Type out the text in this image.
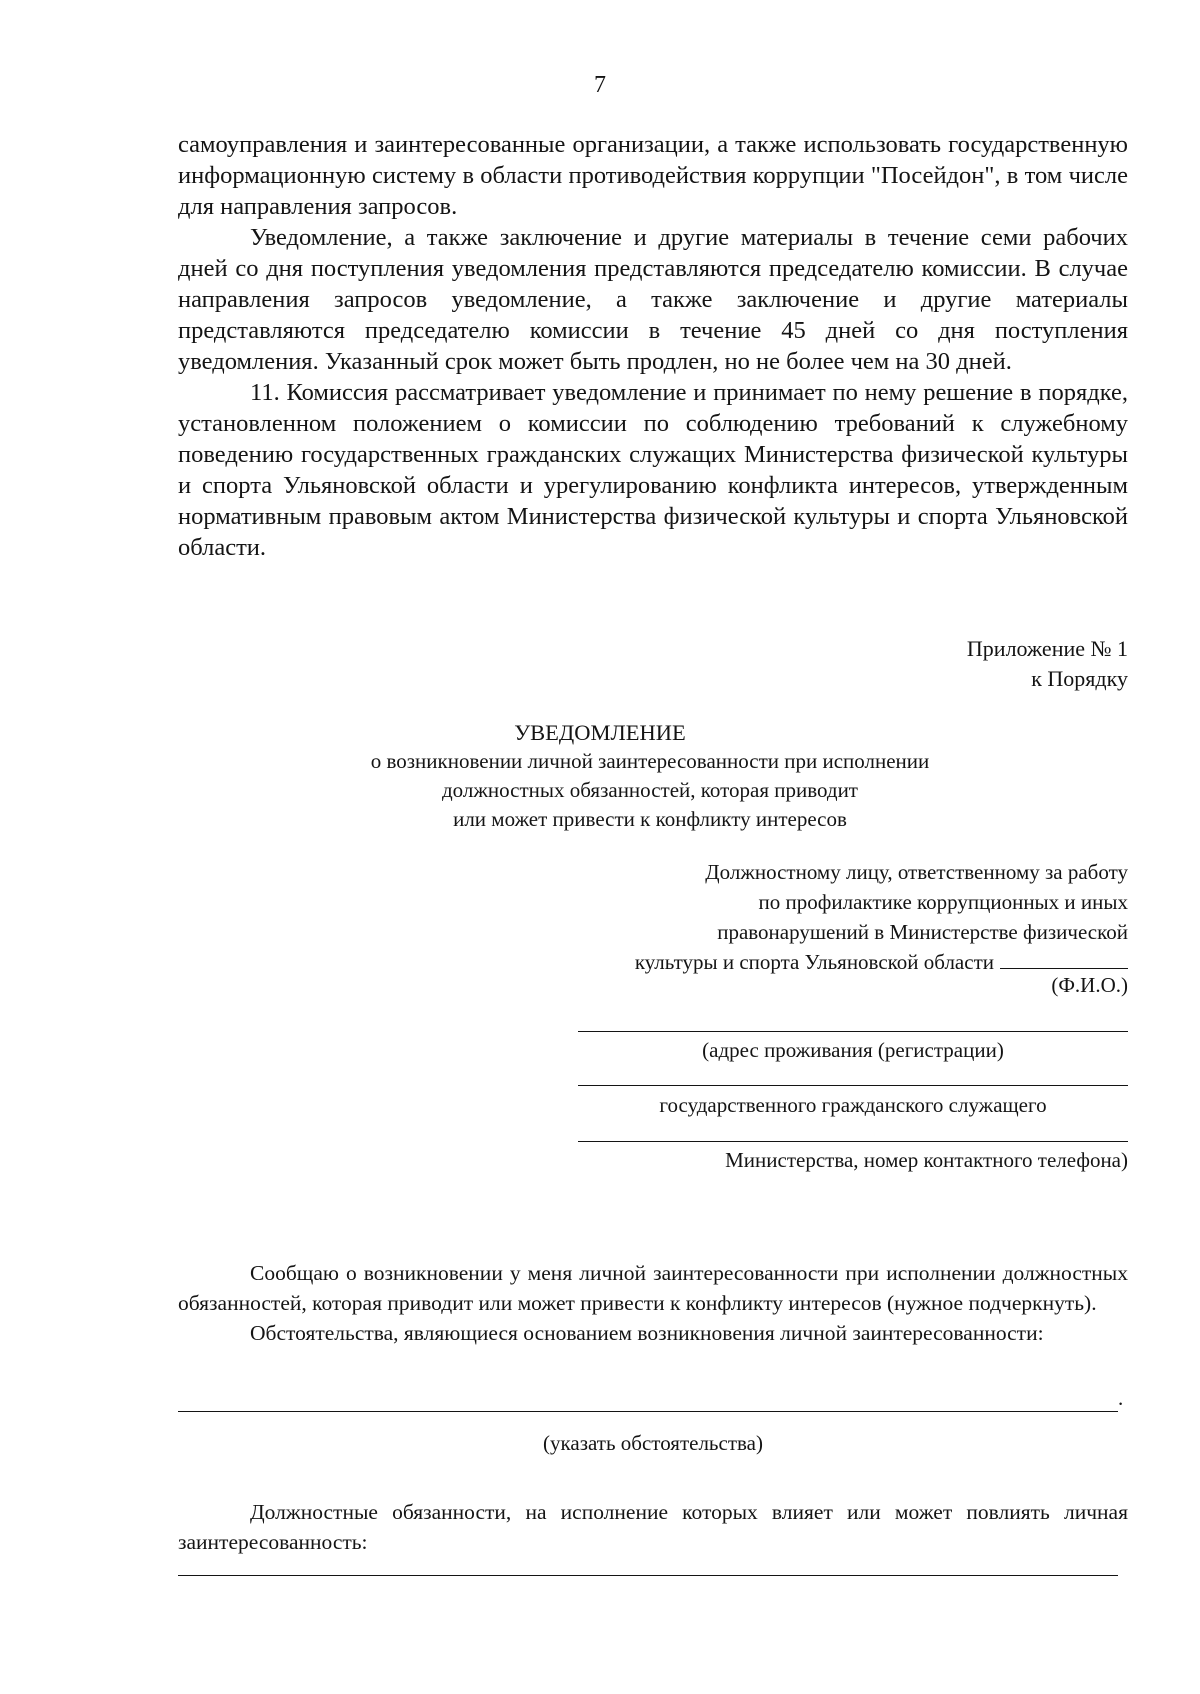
7

самоуправления и заинтересованные организации, а также использовать государственную информационную систему в области противодействия коррупции "Посейдон", в том числе для направления запросов.

Уведомление, а также заключение и другие материалы в течение семи рабочих дней со дня поступления уведомления представляются председателю комиссии. В случае направления запросов уведомление, а также заключение и другие материалы представляются председателю комиссии в течение 45 дней со дня поступления уведомления. Указанный срок может быть продлен, но не более чем на 30 дней.

11. Комиссия рассматривает уведомление и принимает по нему решение в порядке, установленном положением о комиссии по соблюдению требований к служебному поведению государственных гражданских служащих Министерства физической культуры и спорта Ульяновской области и урегулированию конфликта интересов, утвержденным нормативным правовым актом Министерства физической культуры и спорта Ульяновской области.

Приложение № 1
к Порядку
УВЕДОМЛЕНИЕ
о возникновении личной заинтересованности при исполнении
должностных обязанностей, которая приводит
или может привести к конфликту интересов
Должностному лицу, ответственному за работу
по профилактике коррупционных и иных
правонарушений в Министерстве физической
культуры и спорта Ульяновской области
(Ф.И.О.)
(адрес проживания (регистрации)
государственного гражданского служащего
Министерства, номер контактного телефона)

Сообщаю о возникновении у меня личной заинтересованности при исполнении должностных обязанностей, которая приводит или может привести к конфликту интересов (нужное подчеркнуть).

Обстоятельства, являющиеся основанием возникновения личной заинтересованности:

.
(указать обстоятельства)

Должностные обязанности, на исполнение которых влияет или может повлиять личная заинтересованность:
